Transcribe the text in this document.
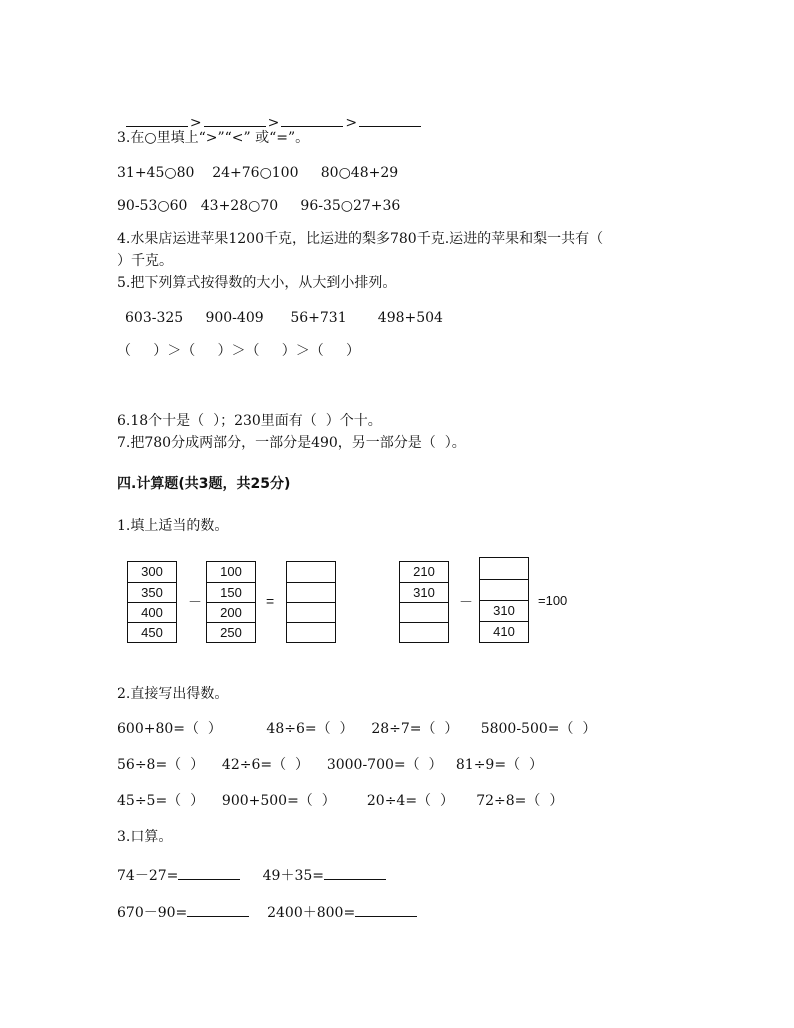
>	>	>

3.在○里填上“>”“<” 或“=”。
31+45○80 24+76○100 80○48+29
90-53○60 43+28○70 96-35○27+36
4.水果店运进苹果1200千克，比运进的梨多780千克.运进的苹果和梨一共有（
）千克。
5.把下列算式按得数的大小，从大到小排列。
603-325 900-409 56+731 498+504
（     ）＞（     ）＞（     ）＞（     ）
6.18个十是（  ）；230里面有（  ）个十。
7.把780分成两部分，一部分是490，另一部分是（  ）。
四.计算题(共3题，共25分)
1.填上适当的数。
300
350
400
450
－
100
150
200
250
=
210
310
－
310
410
=100
2.直接写出得数。
600+80=（  ）	48÷6=（  ） 28÷7=（  ） 5800-500=（  ）
56÷8=（  ） 42÷6=（  ） 3000-700=（  ） 81÷9=（  ）
45÷5=（  ） 900+500=（  ） 20÷4=（  ） 72÷8=（  ）
3.口算。
74－27=	49＋35=
670－90=	2400＋800=
